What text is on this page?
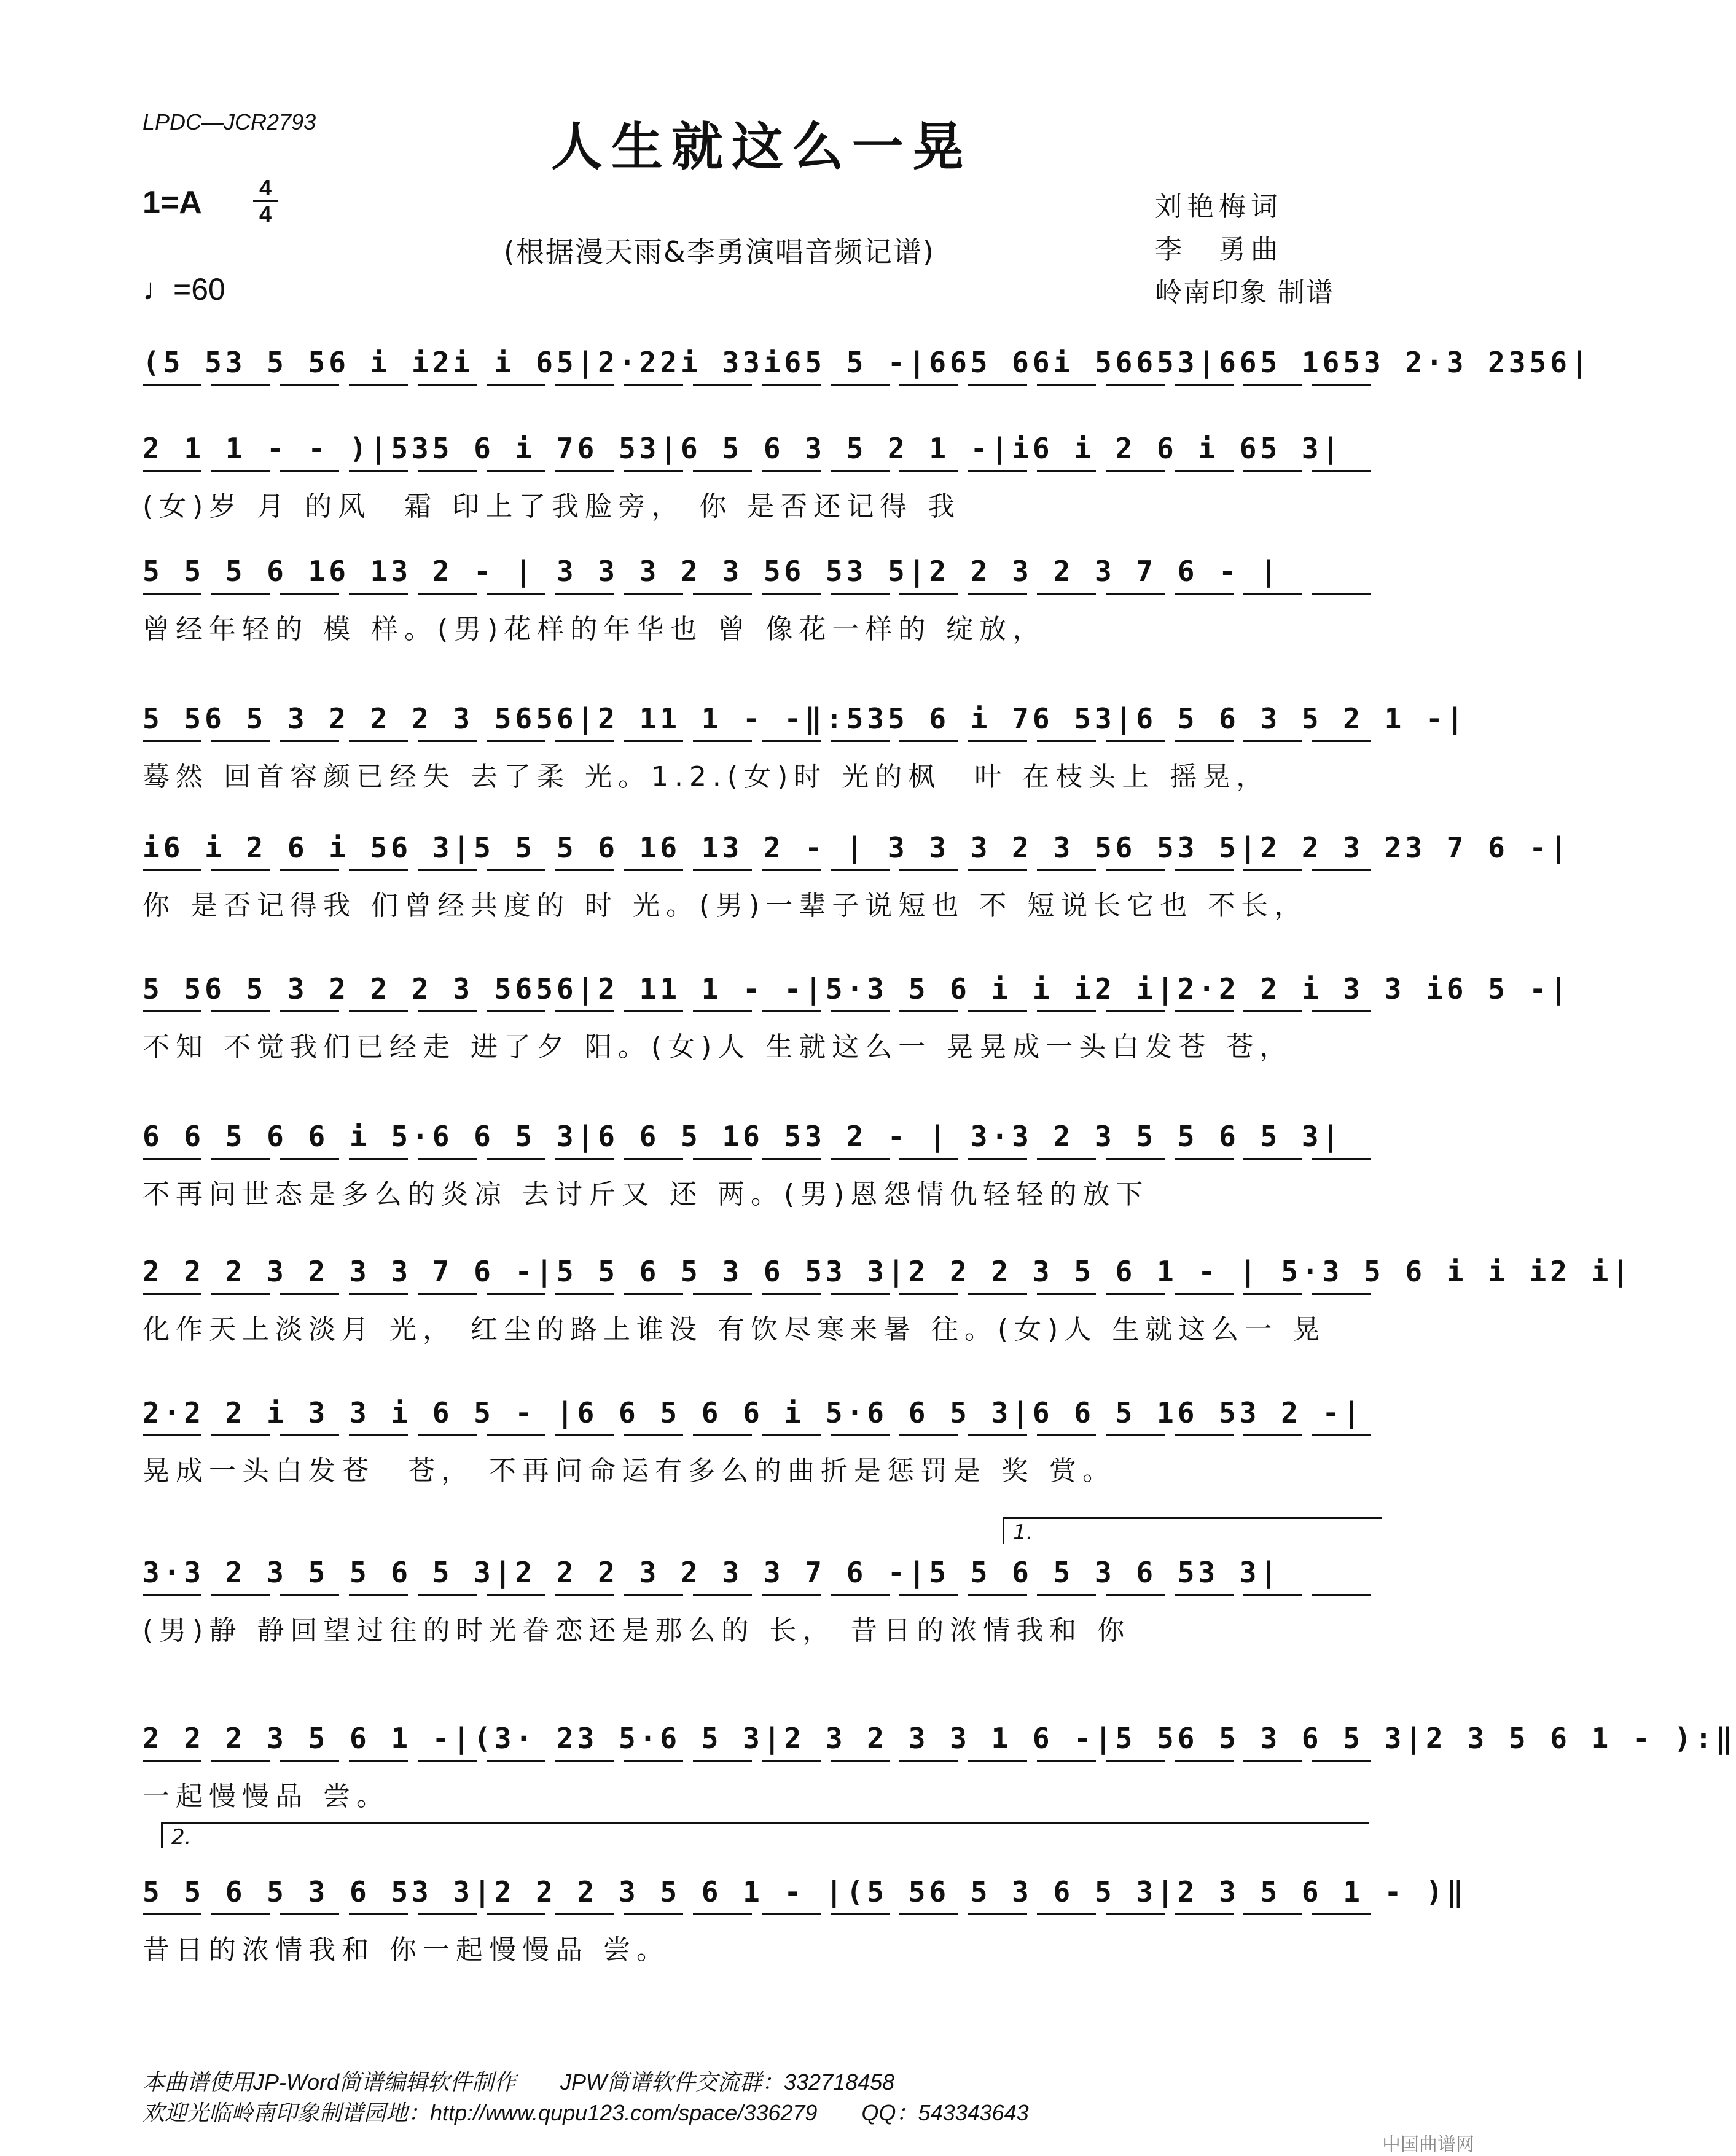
LPDC—JCR2793	人生就这么一晃
1=A	4
4
♩=60
(根据漫天雨&李勇演唱音频记谱)
刘艳梅词
李　勇曲
岭南印象 制谱
(5 53 5 56 i i2i i 65|2·22i 33i65 5 -|665 66i 56653|665 1653 2·3 2356|
2 1 1 - - )|535 6 i 76 53|6 5 6 3 5 2 1 -|i6 i 2 6 i 65 3|
(女)岁 月 的风　霜 印上了我脸旁， 你 是否还记得 我
5 5 5 6 16 13 2 - | 3 3 3 2 3 56 53 5|2 2 3 2 3 7 6 - |
曾经年轻的 模 样。(男)花样的年华也 曾 像花一样的 绽放，
5 56 5 3 2 2 2 3 5656|2 11 1 - -‖:535 6 i 76 53|6 5 6 3 5 2 1 -|
蓦然 回首容颜已经失 去了柔 光。1.2.(女)时 光的枫　叶 在枝头上 摇晃，
i6 i 2 6 i 56 3|5 5 5 6 16 13 2 - | 3 3 3 2 3 56 53 5|2 2 3 23 7 6 -|
你 是否记得我 们曾经共度的 时 光。(男)一辈子说短也 不 短说长它也 不长，
5 56 5 3 2 2 2 3 5656|2 11 1 - -|5·3 5 6 i i i2 i|2·2 2 i 3 3 i6 5 -|
不知 不觉我们已经走 进了夕 阳。(女)人 生就这么一 晃晃成一头白发苍 苍，
6 6 5 6 6 i 5·6 6 5 3|6 6 5 16 53 2 - | 3·3 2 3 5 5 6 5 3|
不再问世态是多么的炎凉 去讨斤又 还 两。(男)恩怨情仇轻轻的放下
2 2 2 3 2 3 3 7 6 -|5 5 6 5 3 6 53 3|2 2 2 3 5 6 1 - | 5·3 5 6 i i i2 i|
化作天上淡淡月 光， 红尘的路上谁没 有饮尽寒来暑 往。(女)人 生就这么一 晃
2·2 2 i 3 3 i 6 5 - |6 6 5 6 6 i 5·6 6 5 3|6 6 5 16 53 2 -|
晃成一头白发苍　苍， 不再问命运有多么的曲折是惩罚是 奖 赏。
3·3 2 3 5 5 6 5 3|2 2 2 3 2 3 3 7 6 -|5 5 6 5 3 6 53 3|
(男)静 静回望过往的时光眷恋还是那么的 长， 昔日的浓情我和 你
2 2 2 3 5 6 1 -|(3· 23 5·6 5 3|2 3 2 3 3 1 6 -|5 56 5 3 6 5 3|2 3 5 6 1 - ):‖
一起慢慢品 尝。
5 5 6 5 3 6 53 3|2 2 2 3 5 6 1 - |(5 56 5 3 6 5 3|2 3 5 6 1 - )‖
昔日的浓情我和 你一起慢慢品 尝。
1.
2.
本曲谱使用JP-Word简谱编辑软件制作　　JPW简谱软件交流群：332718458
欢迎光临岭南印象制谱园地：http://www.qupu123.com/space/336279　　QQ：543343643
中国曲谱网
